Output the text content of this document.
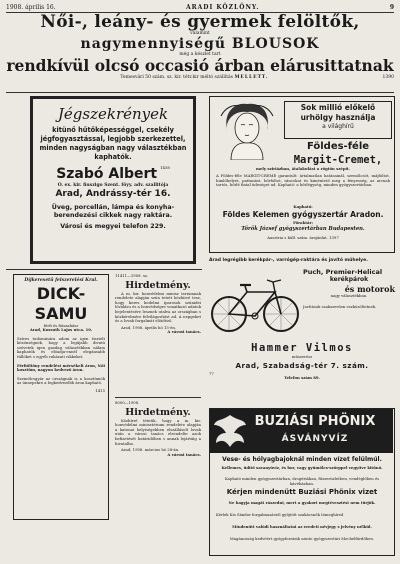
1908. április 16.	ARADI KÖZLÖNY.	9
Női-, leány- és gyermek felöltők,
valamint
nagymennyiségű BLOUSOK
még a készlet tart
rendkívül olcsó occasió árban elárusittatnak
Temesvári 50 szám. sz. kir. tétr.kir méltó szállítás MELLETT.	1390
Jégszekrények
kitünő hűtőképességgel, csekély jégfogyasztással, legjobb szerkezettel, minden nagyságban nagy választékban kaphatók.
Szabó Albert 1458
O. ex. kir. fiuszigo Szent. föyy. adv. szallitója
Arad, Andrássy-tér 16.
Üveg, porcellán, lámpa és konyha-berendezési cikkek nagy raktára.
Városi és megyei telefon 229.
Sok millió előkelő
urhölgy használja
a világhírű
Földes-féle
Margit-Cremet,
mely sziriázban, átalakulást a rögtön szépít.
A Földes-féle MARGIT-CREME garantult: ártalmatlan hatásainál, szemölcsöt, májfoltot, himlőhelyet, pattanást, bőrfoltot, ráncokat és kiméntető meg a fényesség, az arcnak tartós, bőrlé fiatal üdeséget ad. Kapható: a bőrlégység, minden gyógyszertárban.
Kapható:
Földes Kelemen gyógyszertár Aradon.
Főraktár:
Török József gyógyszertárban Budapesten.
Ausztria s külf. szám. árajánlat. 1397
Díjkeresetű felszerelési Kral.
DICK-SAMU
férfi és fiúszabász
Arad, Kossuth Lajos utca. 10.
Szíves tudomására adom az igen tisztelt közönségnek, hogy a legújabb divatú szövetek igen gazdag választékban nálam kaphatók és előadja-ennél elegánsabb tüllöket s egyéb ruházati cikkeket.
Férfiöltöny rendelést mérsékelt áron, Női kosztüm, nagyon kedvező áron.
Szemölcsgyár az országnak is a kosztümök az ünnepekre a legkedvezőbb áron kapható.
1415
11411—1908. sz.
Hirdetmény.
A m. kir. honvédelmi minisz teriumnak rendelete alapján szün tetett közhírré tesz, hogy keres kedelmi iparosok szünidei lóválásu és a honvédségre vonatkozó adatok bejelentésére lesznek utalva az országban s közkérelmére felvilágosítást ad. A nepgeket és a lovak forgalmát elöidéző.
Arad, 1908. április hó 15-én.
A városi tanács.
8000—1908.
Hirdetmény.
Közhírré tétetik, hogy a m. kir. honvédelmi minisztérium rendelete alapján a katonai helyiségekben elszállásolt lovak után a városi tanács elrendelte azok befizetését határidőben s annak lejártáig a hivatalba.
Arad, 1908. március hó 28-án.
A városi tanács.
Arad legrégibb kerékpár-, varrógép-raktára és javító műhelye.
Puch, Premier-Helical
kerékpárok
és motorok
nagy választékban.
Javítások szakszerűen eszközöltetnek.
Hammer Vilmos
műszerész
Arad, Szabadság-tér 7. szám.
77
Telefon szám 89.
BUZIÁSI PHÖNIX
ÁSVÁNYVÍZ
Vese- és hólyagbajoknál minden vízet felülmúl.
Kellemes, üdítő savanyúvíz, és bor, vagy gyümölcs-szörppel vegyítve kitűnő.
Kapható minden gyógyszertárban, drogériában, fűszerüzletben, vendéglőben és kávéházban.
Kérjen mindenütt Buziási Phönix vizet
Ne hagyja magát rászedni, mert a gyakori megtévesztést nem tűrjük.
Kérlek Kis Sándor forgalmazástól gyűjtött szakácsnők tömeghíred
Mindenütt valódi használtatni az eredeti névjegy s jelvény nélkül.
Magánosság kedvéért gyógyforrásik szinte gyógyszertári Mechelfürdőben.
